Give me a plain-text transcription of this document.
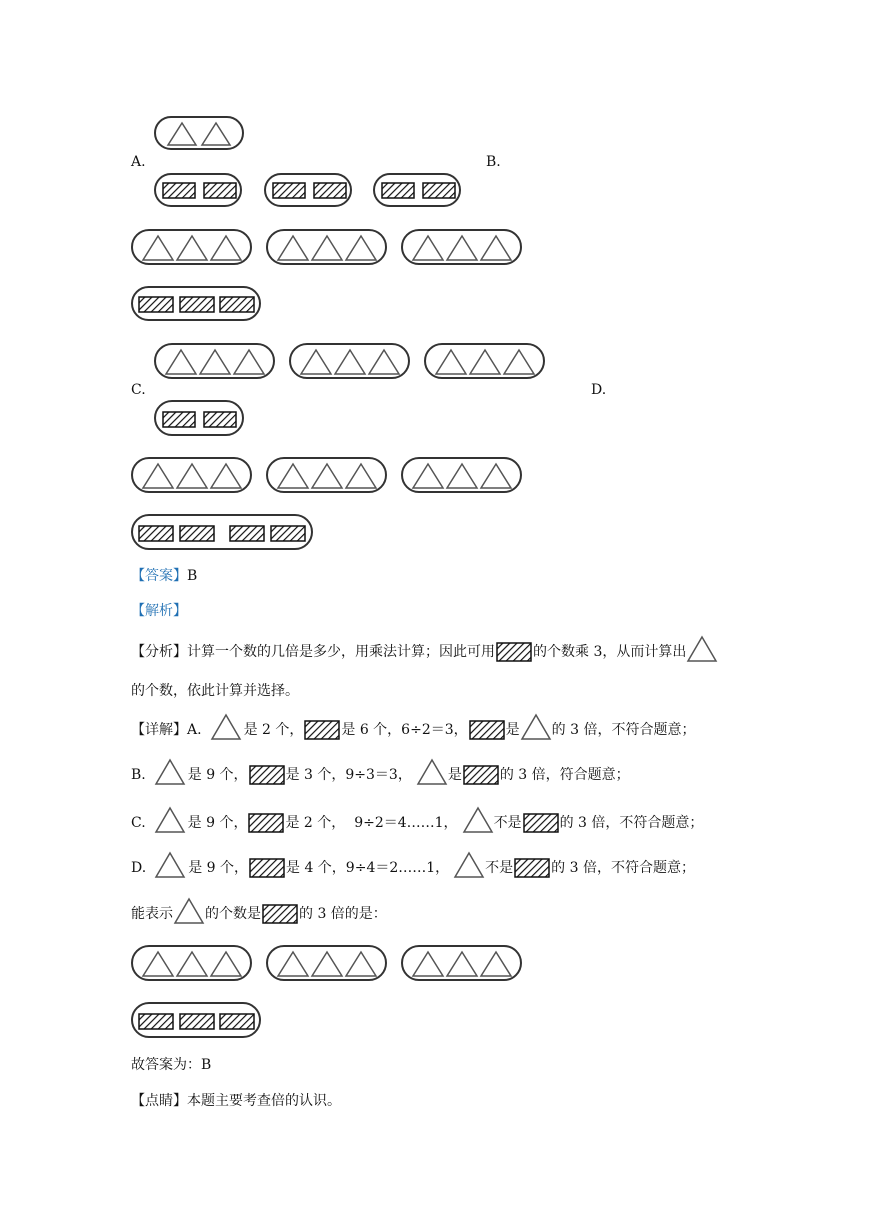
A.	B.
C.	D.
【答案】B
【解析】
【分析】 计算一个数的几倍是多少，用乘法计算；因此可用	的个数乘 3，从而计算出
的个数，依此计算并选择。
【详解】 A.	是 2 个，	是 6 个，6÷2＝3，	是 的 3 倍，不符合题意；
B.	是 9 个，	是 3 个，9÷3＝3，	是	的 3 倍，符合题意；
C.	是 9 个，	是 2 个，  9÷2＝4……1，	不是	的 3 倍，不符合题意；
D.	是 9 个，	是 4 个，9÷4＝2……1，	不是	的 3 倍，不符合题意；
能表示 的个数是	的 3 倍的是：
故答案为：B
【点睛】本题主要考查倍的认识。
